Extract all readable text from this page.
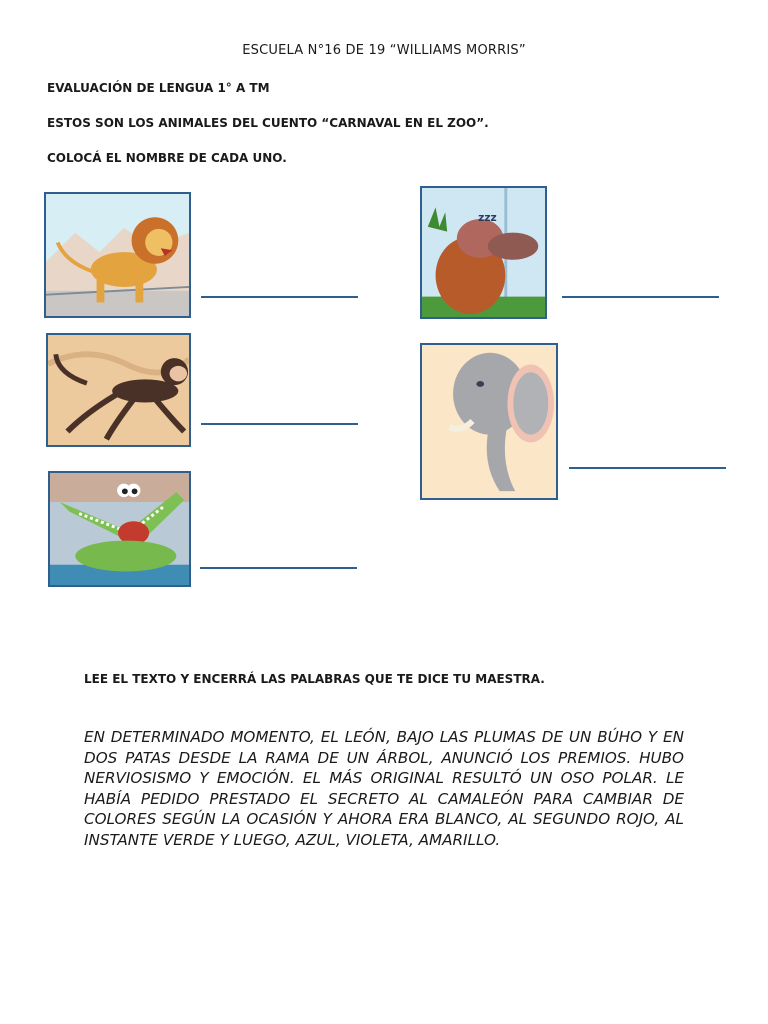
ESCUELA N°16 DE 19 “WILLIAMS MORRIS”
EVALUACIÓN DE LENGUA 1° A TM
ESTOS SON LOS ANIMALES DEL CUENTO “CARNAVAL EN EL ZOO”.
COLOCÁ EL NOMBRE DE CADA UNO.
zzz
LEE EL TEXTO Y ENCERRÁ LAS PALABRAS QUE TE DICE TU MAESTRA.
EN DETERMINADO MOMENTO, EL LEÓN, BAJO LAS PLUMAS DE UN BÚHO Y EN DOS PATAS DESDE LA RAMA DE UN ÁRBOL, ANUNCIÓ LOS PREMIOS. HUBO NERVIOSISMO Y EMOCIÓN. EL MÁS ORIGINAL RESULTÓ UN OSO POLAR. LE HABÍA PEDIDO PRESTADO EL SECRETO AL CAMALEÓN PARA CAMBIAR DE COLORES SEGÚN LA OCASIÓN Y AHORA ERA BLANCO, AL SEGUNDO ROJO, AL INSTANTE VERDE Y LUEGO, AZUL, VIOLETA, AMARILLO.
